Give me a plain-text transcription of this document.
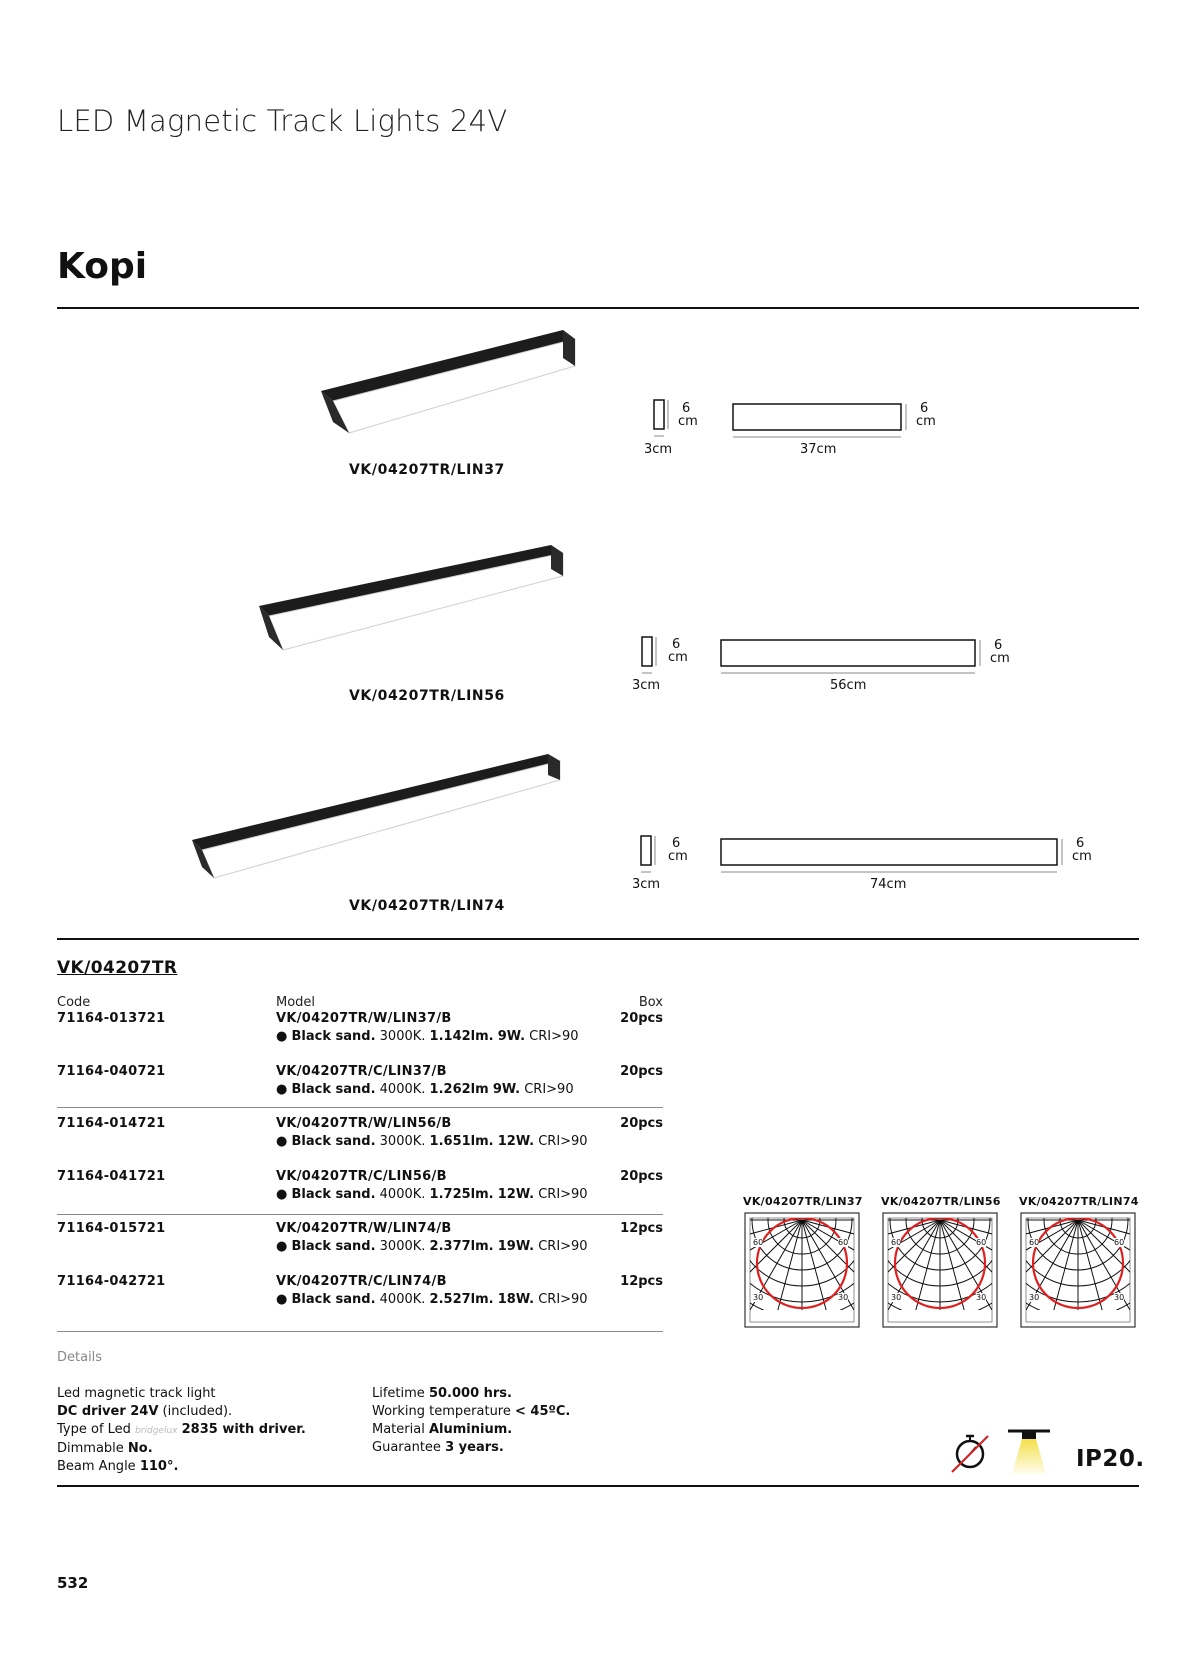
LED Magnetic Track Lights 24V
Kopi
VK/04207TR/LIN37
6
cm
3cm
6
cm
37cm
VK/04207TR/LIN56
6
cm
3cm
6
cm
56cm
VK/04207TR/LIN74
6
cm
3cm
6
cm
74cm
VK/04207TR
Code	Model	Box
71164-013721	VK/04207TR/W/LIN37/B	20pcs
● Black sand. 3000K. 1.142lm. 9W. CRI>90
71164-040721	VK/04207TR/C/LIN37/B	20pcs
● Black sand. 4000K. 1.262lm 9W. CRI>90
71164-014721	VK/04207TR/W/LIN56/B	20pcs
● Black sand. 3000K. 1.651lm. 12W. CRI>90
71164-041721	VK/04207TR/C/LIN56/B	20pcs
● Black sand. 4000K. 1.725lm. 12W. CRI>90
71164-015721	VK/04207TR/W/LIN74/B	12pcs
● Black sand. 3000K. 2.377lm. 19W. CRI>90
71164-042721	VK/04207TR/C/LIN74/B	12pcs
● Black sand. 4000K. 2.527lm. 18W. CRI>90
VK/04207TR/LIN37
60	60
30	30
VK/04207TR/LIN56
60	60
30	30
VK/04207TR/LIN74
60	60
30	30
Details
Led magnetic track light
DC driver 24V (included).
Type of Led bridgelux 2835 with driver.
Dimmable No.
Beam Angle 110°.
Lifetime 50.000 hrs.
Working temperature < 45ºC.
Material Aluminium.
Guarantee 3 years.	IP20.
532
